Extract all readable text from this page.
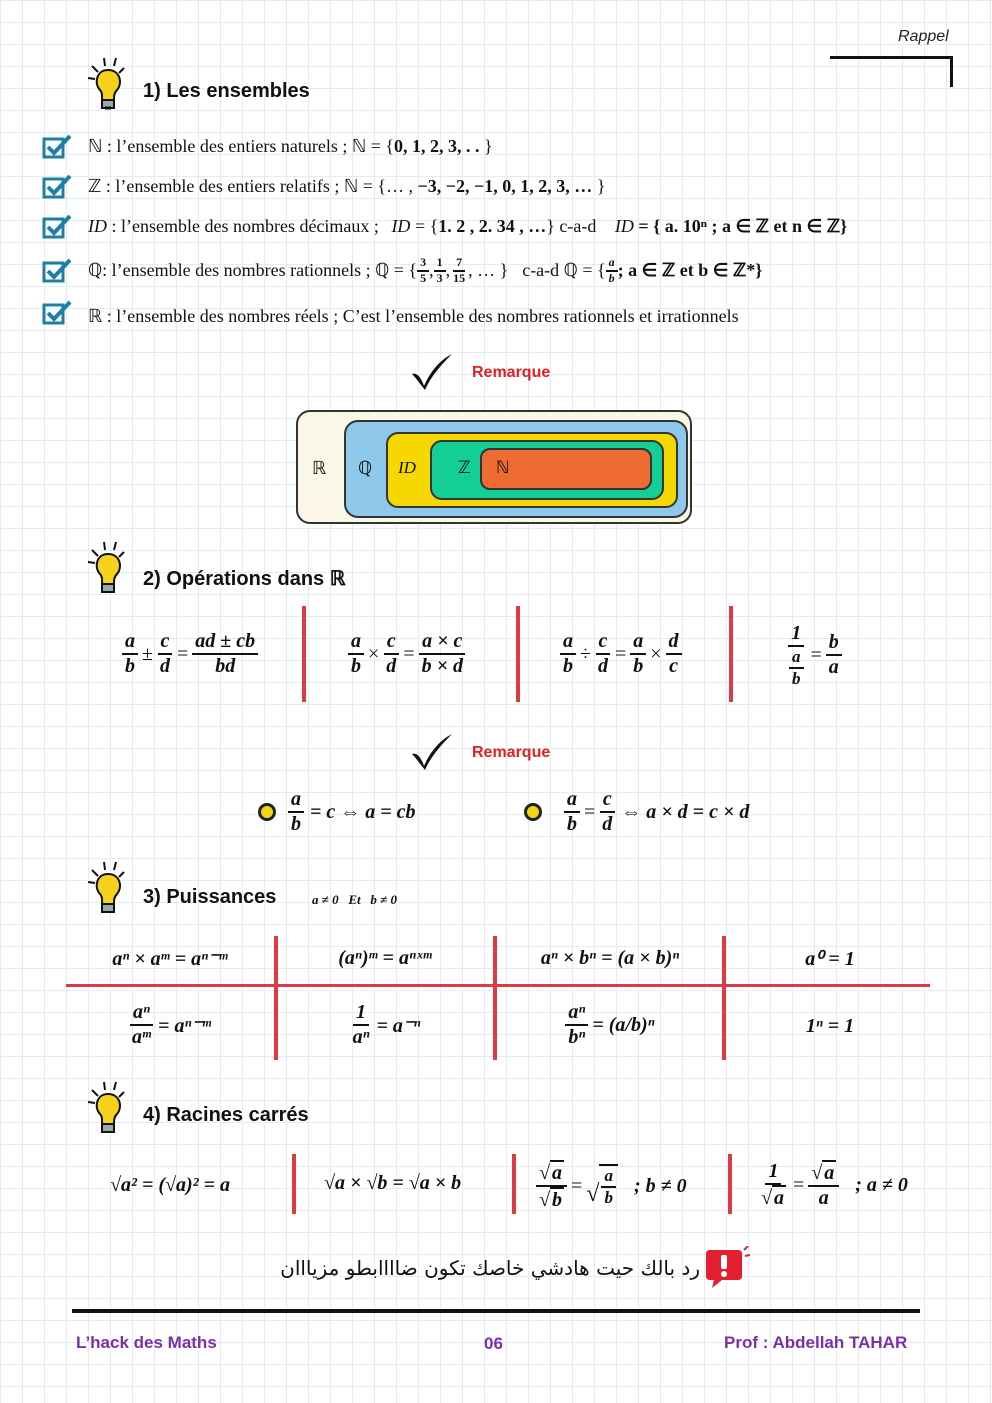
Rappel
1) Les ensembles
ℕ : l’ensemble des entiers naturels ; ℕ = {0, 1, 2, 3, . . }
ℤ : l’ensemble des entiers relatifs ; ℕ = {… , −3, −2, −1, 0, 1, 2, 3, … }
ID : l’ensemble des nombres décimaux ; ID = {1. 2 , 2. 34 , …} c-a-d ID = { a. 10ⁿ ; a ∈ ℤ et n ∈ ℤ}
ℚ: l’ensemble des nombres rationnels ; ℚ = { $\frac{3}{5}$ , $\frac{1}{3}$ , $\frac{7}{15}$ , … } c-a-d ℚ = { $\frac{a}{b}$ ; a ∈ ℤ et b ∈ ℤ*}
ℝ : l’ensemble des nombres réels ; C’est l’ensemble des nombres rationnels et irrationnels
Remarque
ℝ ℚ ID ℤ ℕ
2) Opérations dans ℝ
$\frac{a}{b} \pm \frac{c}{d} = \frac{ad \pm cb}{bd}$	$\frac{a}{b} \times \frac{c}{d} = \frac{a \times c}{b \times d}$	$\frac{a}{b} \div \frac{c}{d} = \frac{a}{b} \times \frac{d}{c}$	$\frac{1}{\frac{a}{b}} = \frac{b}{a}$
Remarque
$\frac{a}{b} = c$ ⇔ a = cb	$\frac{a}{b} = \frac{c}{d}$ ⇔ a × d = c × d
3) Puissances	a ≠ 0   Et   b ≠ 0
aⁿ × aᵐ = aⁿ⁻ᵐ	(aⁿ)ᵐ = aⁿˣᵐ	aⁿ × bⁿ = (a × b)ⁿ	a⁰ = 1
$\frac{\text{aⁿ}}{\text{aᵐ}}$ = aⁿ⁻ᵐ	$\frac{1}{\text{aⁿ}} = a^{-n}$	$\frac{\text{aⁿ}}{\text{bⁿ}} = (a/b)^n$	1ⁿ = 1
4) Racines carrés
√a² = (√a)² = a	√a × √b = √a × b	$\frac{√ a}{√ b}$ = √ $\frac{a}{b}$ ; b ≠ 0	$\frac{1}{√ a} = \frac{√ a}{a}$ ; a ≠ 0
رد بالك حيت هادشي خاصك تكون ضاااابطو مزيااان
L’hack des Maths	06	Prof : Abdellah TAHAR
